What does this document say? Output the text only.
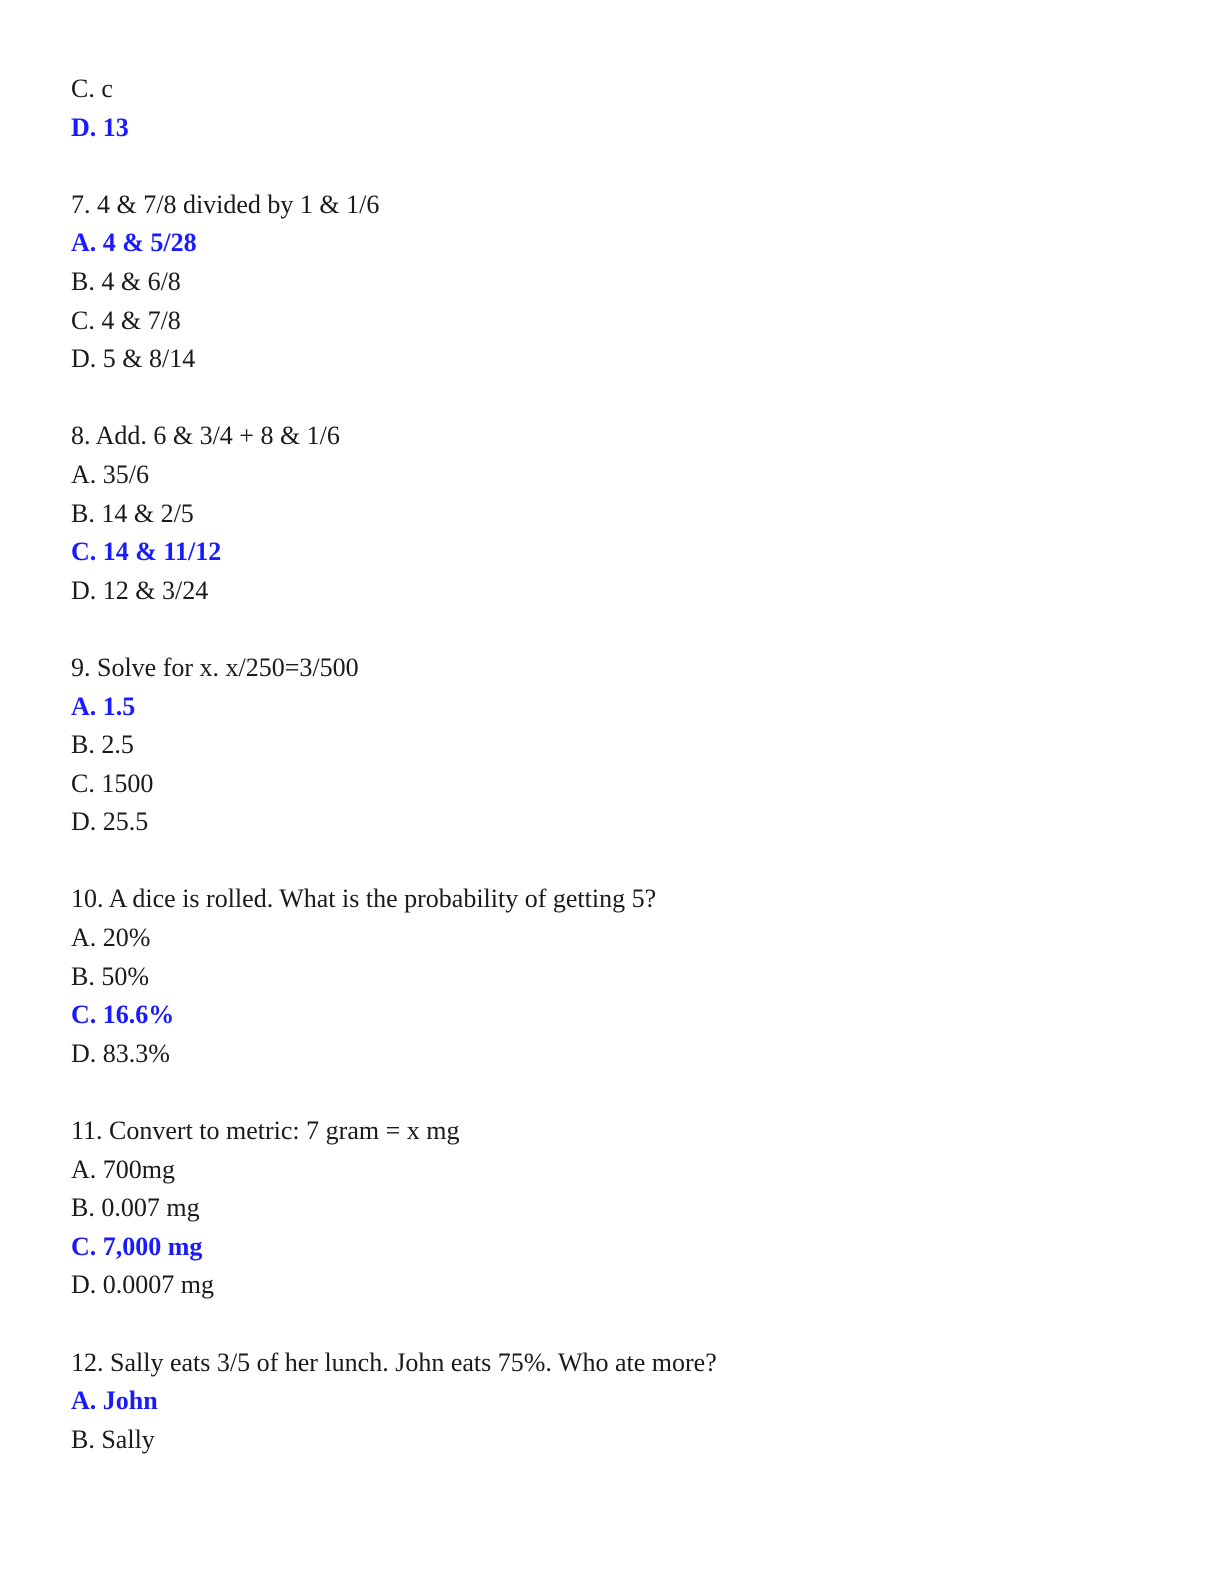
C. c
D. 13
7. 4 & 7/8 divided by 1 & 1/6
A. 4 & 5/28
B. 4 & 6/8
C. 4 & 7/8
D. 5 & 8/14
8. Add. 6 & 3/4 + 8 & 1/6
A. 35/6
B. 14 & 2/5
C. 14 & 11/12
D. 12 & 3/24
9. Solve for x. x/250=3/500
A. 1.5
B. 2.5
C. 1500
D. 25.5
10. A dice is rolled. What is the probability of getting 5?
A. 20%
B. 50%
C. 16.6%
D. 83.3%
11. Convert to metric: 7 gram = x mg
A. 700mg
B. 0.007 mg
C. 7,000 mg
D. 0.0007 mg
12. Sally eats 3/5 of her lunch. John eats 75%. Who ate more?
A. John
B. Sally
